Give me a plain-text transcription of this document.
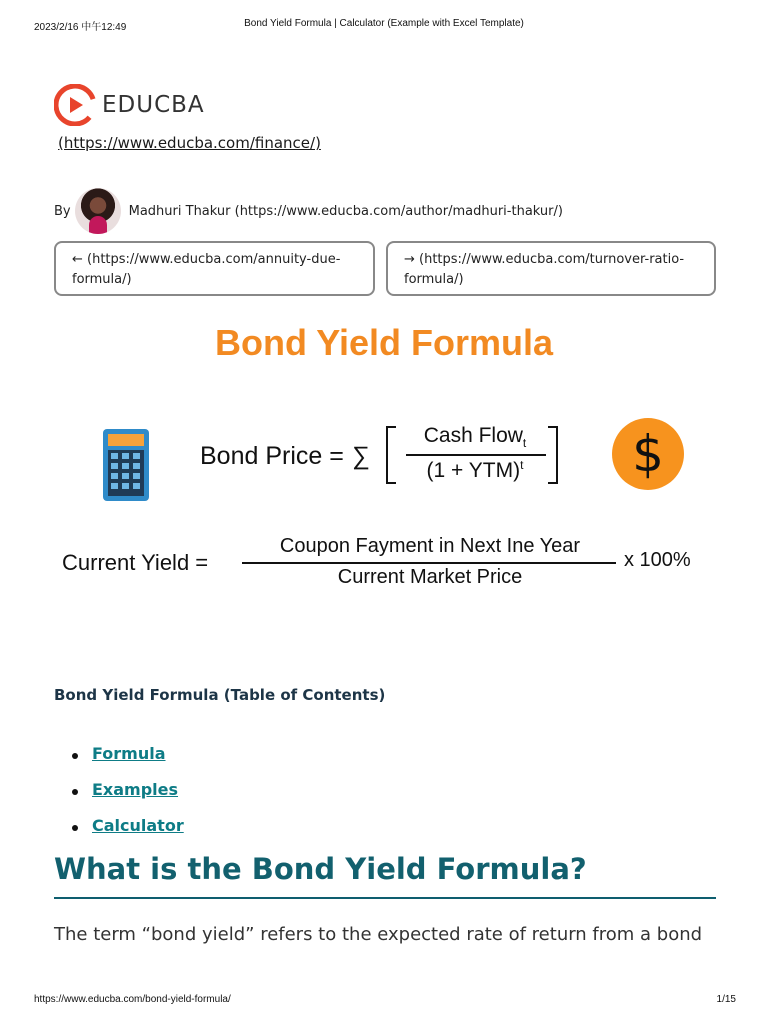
2023/2/16 中午12:49	Bond Yield Formula | Calculator (Example with Excel Template)
EDUCBA
(https://www.educba.com/finance/)
By	Madhuri Thakur (https://www.educba.com/author/madhuri-thakur/)
← (https://www.educba.com/annuity-due-formula/)
→ (https://www.educba.com/turnover-ratio-formula/)
Bond Yield Formula
Bond Price = ∑
Cash Flow$_t$
(1 + YTM)$^t$	$
Current Yield =
Coupon Fayment in Next Ine Year
Current Market Price
x 100%
Bond Yield Formula (Table of Contents)
Formula
Examples
Calculator
What is the Bond Yield Formula?
The term “bond yield” refers to the expected rate of return from a bond
https://www.educba.com/bond-yield-formula/	1/15
